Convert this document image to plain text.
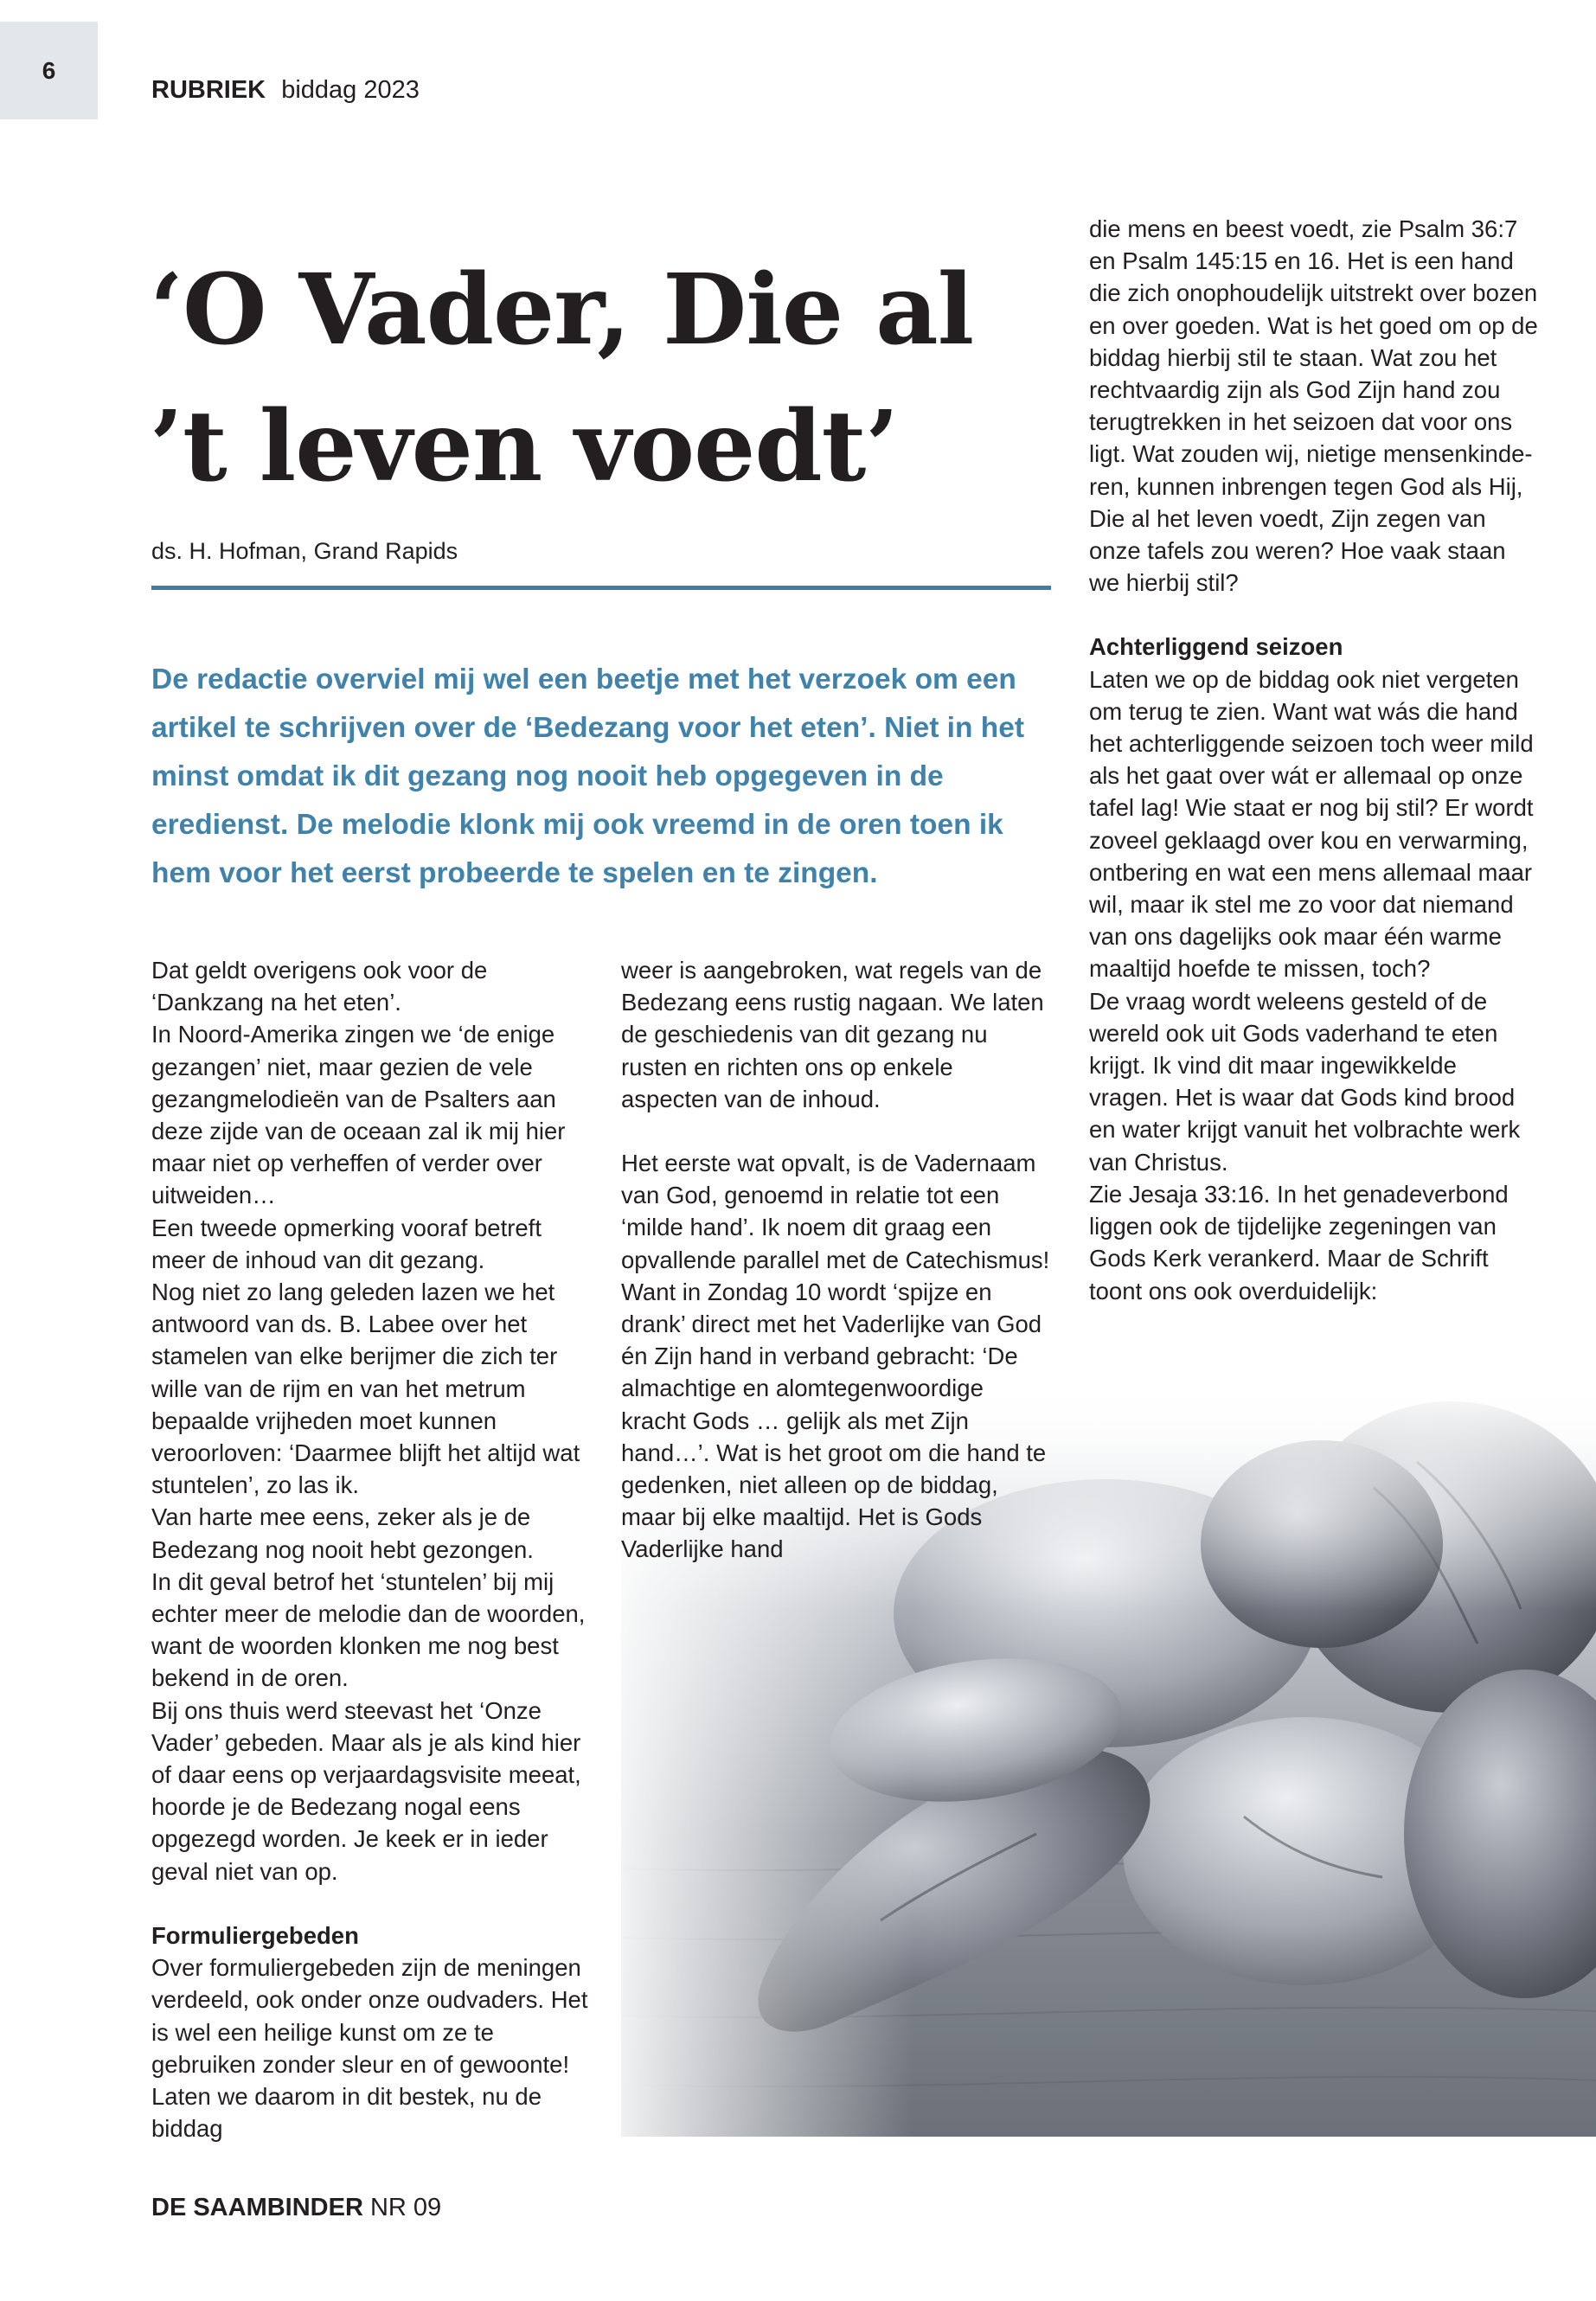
6
RUBRIEK biddag 2023
‘O Vader, Die al
’t leven voedt’
ds. H. Hofman, Grand Rapids
De redactie overviel mij wel een beetje met het verzoek om een artikel te schrijven over de ‘Bedezang voor het eten’. Niet in het minst omdat ik dit gezang nog nooit heb opgegeven in de eredienst. De melodie klonk mij ook vreemd in de oren toen ik hem voor het eerst probeerde te spelen en te zingen.

Dat geldt overigens ook voor de ‘Dankzang na het eten’.

In Noord-Amerika zingen we ‘de enige gezangen’ niet, maar gezien de vele gezangmelodieën van de Psalters aan deze zijde van de oceaan zal ik mij hier maar niet op verheffen of verder over uitweiden…

Een tweede opmerking vooraf betreft meer de inhoud van dit gezang.

Nog niet zo lang geleden lazen we het antwoord van ds. B. Labee over het stamelen van elke berijmer die zich ter wille van de rijm en van het metrum bepaalde vrijheden moet kunnen veroorloven: ‘Daarmee blijft het altijd wat stuntelen’, zo las ik.

Van harte mee eens, zeker als je de Bedezang nog nooit hebt gezongen.

In dit geval betrof het ‘stuntelen’ bij mij echter meer de melodie dan de woorden, want de woorden klonken me nog best bekend in de oren.

Bij ons thuis werd steevast het ‘Onze Vader’ gebeden. Maar als je als kind hier of daar eens op verjaardagsvisite meeat, hoorde je de Bedezang nogal eens opgezegd worden. Je keek er in ieder geval niet van op.

Formuliergebeden

Over formuliergebeden zijn de meningen verdeeld, ook onder onze oudvaders. Het is wel een heilige kunst om ze te gebruiken zonder sleur en of gewoonte! Laten we daarom in dit bestek, nu de biddag

weer is aangebroken, wat regels van de Bedezang eens rustig nagaan. We laten de geschiedenis van dit gezang nu rusten en richten ons op enkele aspecten van de inhoud.

Het eerste wat opvalt, is de Vadernaam van God, genoemd in relatie tot een ‘milde hand’. Ik noem dit graag een opvallende parallel met de Catechismus! Want in Zondag 10 wordt ‘spijze en drank’ direct met het Vaderlijke van God én Zijn hand in verband gebracht: ‘De almachtige en alomtegenwoordige kracht Gods … gelijk als met Zijn hand…’. Wat is het groot om die hand te gedenken, niet alleen op de biddag, maar bij elke maaltijd. Het is Gods Vaderlijke hand

die mens en beest voedt, zie Psalm 36:7 en Psalm 145:15 en 16. Het is een hand die zich onophoudelijk uitstrekt over bozen en over goeden. Wat is het goed om op de biddag hierbij stil te staan. Wat zou het rechtvaardig zijn als God Zijn hand zou terugtrekken in het seizoen dat voor ons ligt. Wat zouden wij, nietige mensenkinderen, kunnen inbrengen tegen God als Hij, Die al het leven voedt, Zijn zegen van onze tafels zou weren? Hoe vaak staan we hierbij stil?

Achterliggend seizoen

Laten we op de biddag ook niet vergeten om terug te zien. Want wat wás die hand het achterliggende seizoen toch weer mild als het gaat over wát er allemaal op onze tafel lag! Wie staat er nog bij stil? Er wordt zoveel geklaagd over kou en verwarming, ontbering en wat een mens allemaal maar wil, maar ik stel me zo voor dat niemand van ons dagelijks ook maar één warme maaltijd hoefde te missen, toch?

De vraag wordt weleens gesteld of de wereld ook uit Gods vaderhand te eten krijgt. Ik vind dit maar ingewikkelde vragen. Het is waar dat Gods kind brood en water krijgt vanuit het volbrachte werk van Christus.

Zie Jesaja 33:16. In het genadeverbond liggen ook de tijdelijke zegeningen van Gods Kerk verankerd. Maar de Schrift toont ons ook overduidelijk:

DE SAAMBINDER NR 09
